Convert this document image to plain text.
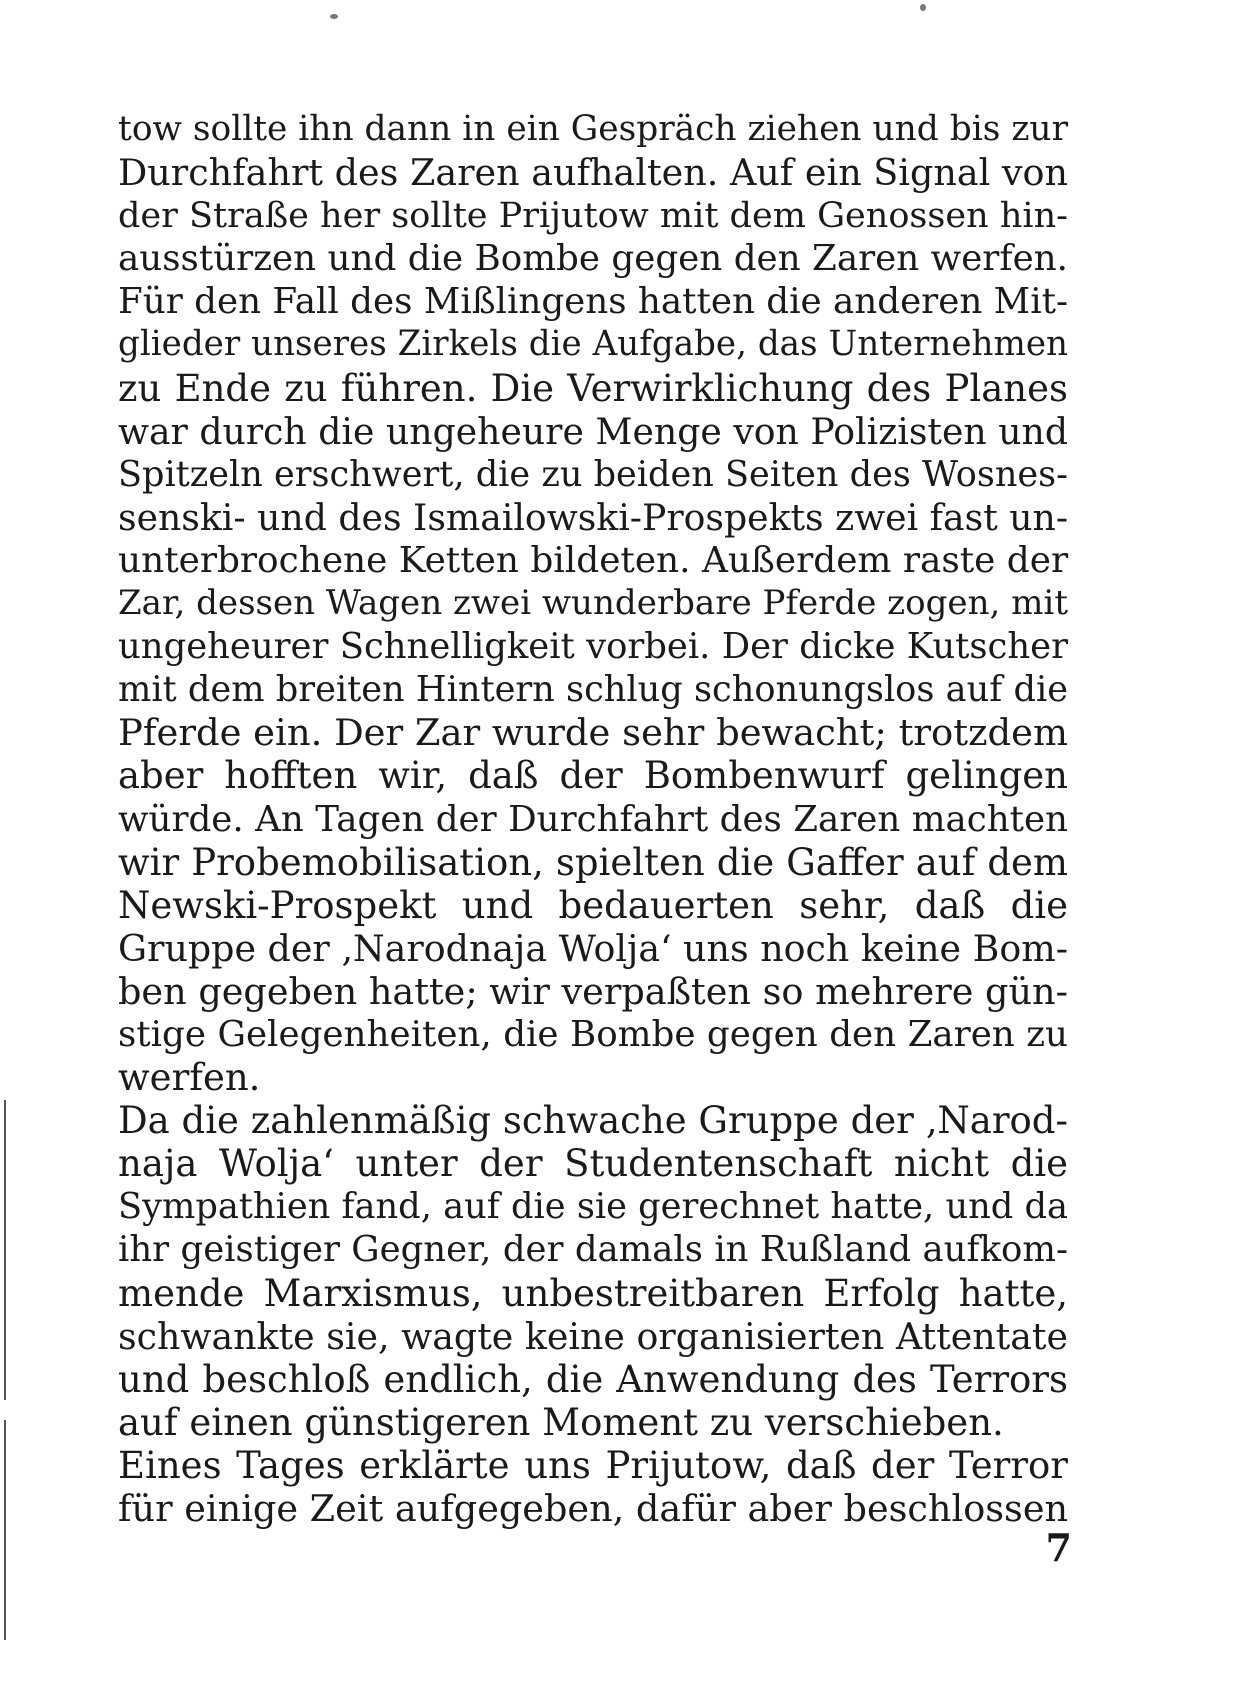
tow sollte ihn dann in ein Gespräch ziehen und bis zur
Durchfahrt des Zaren aufhalten. Auf ein Signal von
der Straße her sollte Prijutow mit dem Genossen hin-
ausstürzen und die Bombe gegen den Zaren werfen.
Für den Fall des Mißlingens hatten die anderen Mit-
glieder unseres Zirkels die Aufgabe, das Unternehmen
zu Ende zu führen. Die Verwirklichung des Planes
war durch die ungeheure Menge von Polizisten und
Spitzeln erschwert, die zu beiden Seiten des Wosnes-
senski- und des Ismailowski-Prospekts zwei fast un-
unterbrochene Ketten bildeten. Außerdem raste der
Zar, dessen Wagen zwei wunderbare Pferde zogen, mit
ungeheurer Schnelligkeit vorbei. Der dicke Kutscher
mit dem breiten Hintern schlug schonungslos auf die
Pferde ein. Der Zar wurde sehr bewacht; trotzdem
aber hofften wir, daß der Bombenwurf gelingen
würde. An Tagen der Durchfahrt des Zaren machten
wir Probemobilisation, spielten die Gaffer auf dem
Newski-Prospekt und bedauerten sehr, daß die
Gruppe der ‚Narodnaja Wolja‘ uns noch keine Bom-
ben gegeben hatte; wir verpaßten so mehrere gün-
stige Gelegenheiten, die Bombe gegen den Zaren zu
werfen.
Da die zahlenmäßig schwache Gruppe der ‚Narod-
naja Wolja‘ unter der Studentenschaft nicht die
Sympathien fand, auf die sie gerechnet hatte, und da
ihr geistiger Gegner, der damals in Rußland aufkom-
mende Marxismus, unbestreitbaren Erfolg hatte,
schwankte sie, wagte keine organisierten Attentate
und beschloß endlich, die Anwendung des Terrors
auf einen günstigeren Moment zu verschieben.
Eines Tages erklärte uns Prijutow, daß der Terror
für einige Zeit aufgegeben, dafür aber beschlossen
7
